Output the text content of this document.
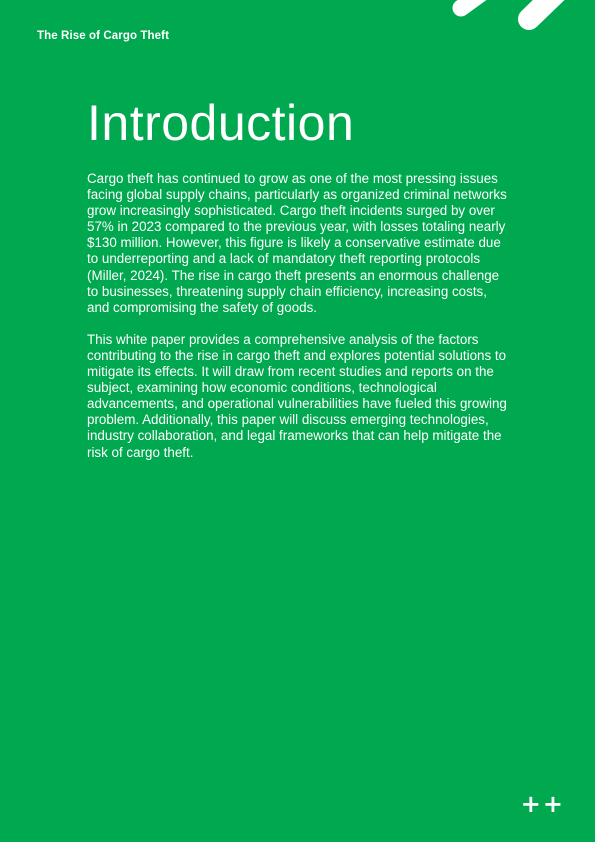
The Rise of Cargo Theft
Introduction

Cargo theft has continued to grow as one of the most pressing issues facing global supply chains, particularly as organized criminal networks grow increasingly sophisticated. Cargo theft incidents surged by over 57% in 2023 compared to the previous year, with losses totaling nearly $130 million. However, this figure is likely a conservative estimate due to underreporting and a lack of mandatory theft reporting protocols (Miller, 2024). The rise in cargo theft presents an enormous challenge to businesses, threatening supply chain efficiency, increasing costs, and compromising the safety of goods.

This white paper provides a comprehensive analysis of the factors contributing to the rise in cargo theft and explores potential solutions to mitigate its effects. It will draw from recent studies and reports on the subject, examining how economic conditions, technological advancements, and operational vulnerabilities have fueled this growing problem. Additionally, this paper will discuss emerging technologies, industry collaboration, and legal frameworks that can help mitigate the risk of cargo theft.

++
